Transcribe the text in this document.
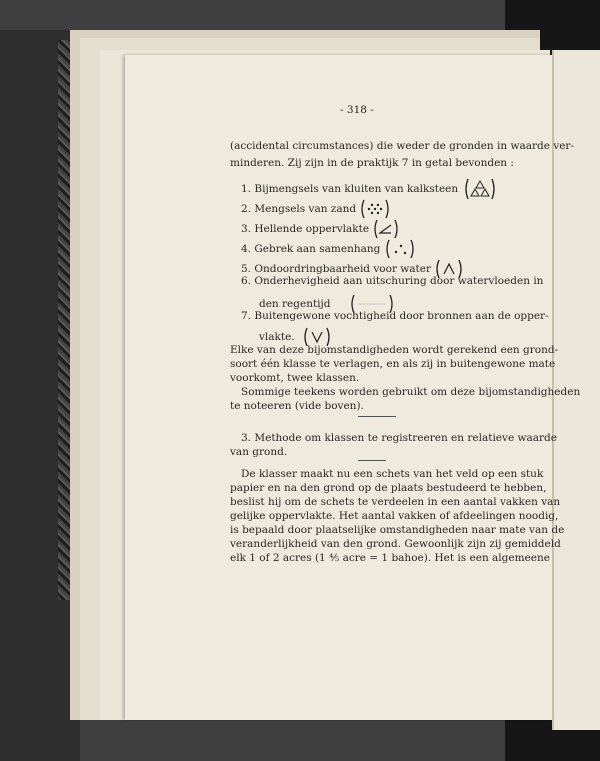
- 318 -
(accidental circumstances) die weder de gronden in waarde ver-
minderen. Zij zijn in de praktijk 7 in getal bevonden :
1. Bijmengsels van kluiten van kalksteen
2. Mengsels van zand
3. Hellende oppervlakte
4. Gebrek aan samenhang
5. Ondoordringbaarheid voor water
6. Onderhevigheid aan uitschuring door watervloeden in
den regentijd
7. Buitengewone vochtigheid door bronnen aan de opper-
vlakte.
Elke van deze bijomstandigheden wordt gerekend een grond-
soort één klasse te verlagen, en als zij in buitengewone mate
voorkomt, twee klassen.
Sommige teekens worden gebruikt om deze bijomstandigheden
te noteeren (vide boven).
3. Methode om klassen te registreeren en relatieve waarde
van grond.
De klasser maakt nu een schets van het veld op een stuk
papier en na den grond op de plaats bestudeerd te hebben,
beslist hij om de schets te verdeelen in een aantal vakken van
gelijke oppervlakte. Het aantal vakken of afdeelingen noodig,
is bepaald door plaatselijke omstandigheden naar mate van de
veranderlijkheid van den grond. Gewoonlijk zijn zij gemiddeld
elk 1 of 2 acres (1 ⅘ acre = 1 bahoe). Het is een algemeene
